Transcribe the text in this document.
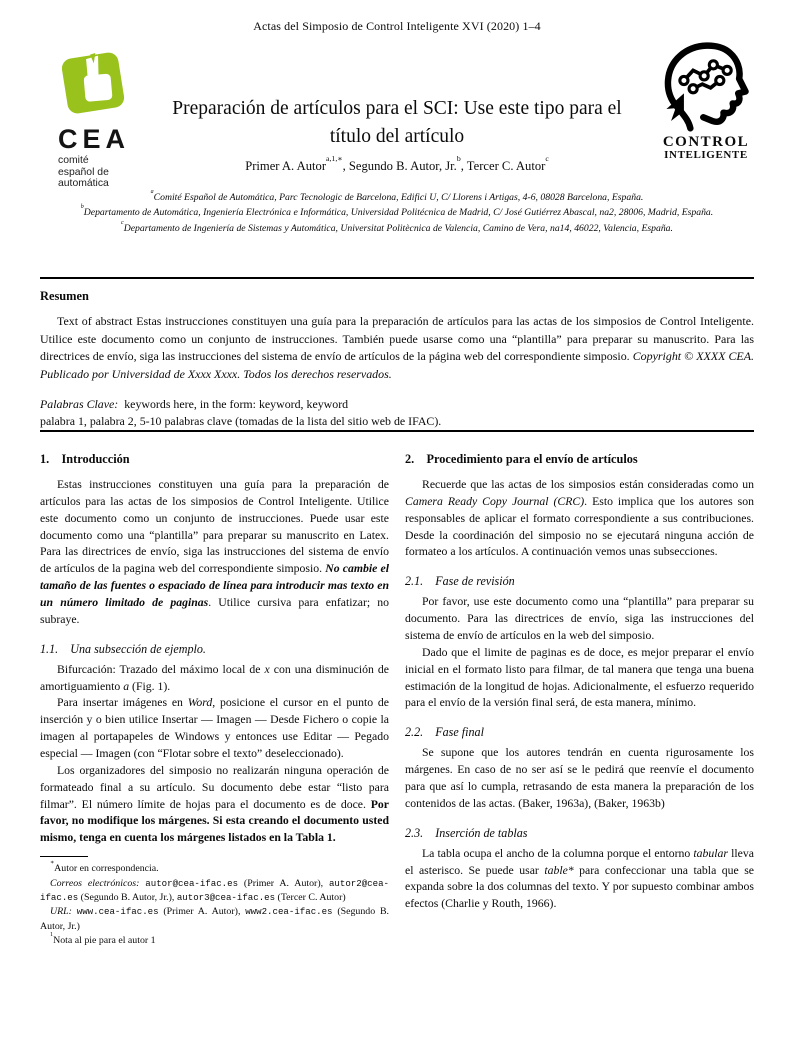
Actas del Simposio de Control Inteligente XVI (2020) 1–4
CEA
comité
español de
automática
CONTROL
INTELIGENTE
Preparación de artículos para el SCI: Use este tipo para el
título del artículo
Primer A. Autor$^{a,1,∗}$, Segundo B. Autor, Jr.$^b$, Tercer C. Autor$^c$
$^a$Comité Español de Automática, Parc Tecnologic de Barcelona, Edifici U, C/ Llorens i Artigas, 4-6, 08028 Barcelona, España.
$^b$Departamento de Automática, Ingeniería Electrónica e Informática, Universidad Politécnica de Madrid, C/ José Gutiérrez Abascal, na2, 28006, Madrid, España.
$^c$Departamento de Ingeniería de Sistemas y Automática, Universitat Politècnica de Valencia, Camino de Vera, na14, 46022, Valencia, España.
Resumen

Text of abstract Estas instrucciones constituyen una guía para la preparación de artículos para las actas de los simposios de Control Inteligente. Utilice este documento como un conjunto de instrucciones. También puede usarse como una “plantilla” para preparar su manuscrito. Para las directrices de envío, siga las instrucciones del sistema de envío de artículos de la página web del correspondiente simposio. Copyright © XXXX CEA. Publicado por Universidad de Xxxx Xxxx. Todos los derechos reservados.

Palabras Clave: keywords here, in the form: keyword, keyword
palabra 1, palabra 2, 5-10 palabras clave (tomadas de la lista del sitio web de IFAC).
1. Introducción

Estas instrucciones constituyen una guía para la preparación de artículos para las actas de los simposios de Control Inteligente. Utilice este documento como un conjunto de instrucciones. Puede usar este documento como una “plantilla” para preparar su manuscrito en Latex. Para las directrices de envío, siga las instrucciones del sistema de envío de artículos de la pagina web del correspondiente simposio. No cambie el tamaño de las fuentes o espaciado de línea para introducir mas texto en un número limitado de paginas. Utilice cursiva para enfatizar; no subraye.

1.1. Una subsección de ejemplo.

Bifurcación: Trazado del máximo local de x con una disminución de amortiguamiento a (Fig. 1).

Para insertar imágenes en Word, posicione el cursor en el punto de inserción y o bien utilice Insertar — Imagen — Desde Fichero o copie la imagen al portapapeles de Windows y entonces use Editar — Pegado especial — Imagen (con “Flotar sobre el texto” deseleccionado).

Los organizadores del simposio no realizarán ninguna operación de formateado final a su artículo. Su documento debe estar “listo para filmar”. El número límite de hojas para el documento es de doce. Por favor, no modifique los márgenes. Si esta creando el documento usted mismo, tenga en cuenta los márgenes listados en la Tabla 1.

∗Autor en correspondencia.

Correos electrónicos: autor@cea-ifac.es (Primer A. Autor), autor2@cea-ifac.es (Segundo B. Autor, Jr.), autor3@cea-ifac.es (Tercer C. Autor)

URL: www.cea-ifac.es (Primer A. Autor), www2.cea-ifac.es (Segundo B. Autor, Jr.)

$^1$Nota al pie para el autor 1

2. Procedimiento para el envío de artículos

Recuerde que las actas de los simposios están consideradas como un Camera Ready Copy Journal (CRC). Esto implica que los autores son responsables de aplicar el formato correspondiente a sus contribuciones. Desde la coordinación del simposio no se ejecutará ninguna acción de formateo a los artículos. A continuación vemos unas subsecciones.

2.1. Fase de revisión

Por favor, use este documento como una “plantilla” para preparar su documento. Para las directrices de envío, siga las instrucciones del sistema de envío de artículos en la web del simposio.

Dado que el limite de paginas es de doce, es mejor preparar el envío inicial en el formato listo para filmar, de tal manera que tenga una buena estimación de la longitud de hojas. Adicionalmente, el esfuerzo requerido para el envío de la versión final será, de esta manera, mínimo.

2.2. Fase final

Se supone que los autores tendrán en cuenta rigurosamente los márgenes. En caso de no ser así se le pedirá que reenvíe el documento para que así lo cumpla, retrasando de esta manera la preparación de los contenidos de las actas. (Baker, 1963a), (Baker, 1963b)

2.3. Inserción de tablas

La tabla ocupa el ancho de la columna porque el entorno tabular lleva el asterisco. Se puede usar table* para confeccionar una tabla que se expanda sobre la dos columnas del texto. Y por supuesto combinar ambos efectos (Charlie y Routh, 1966).
